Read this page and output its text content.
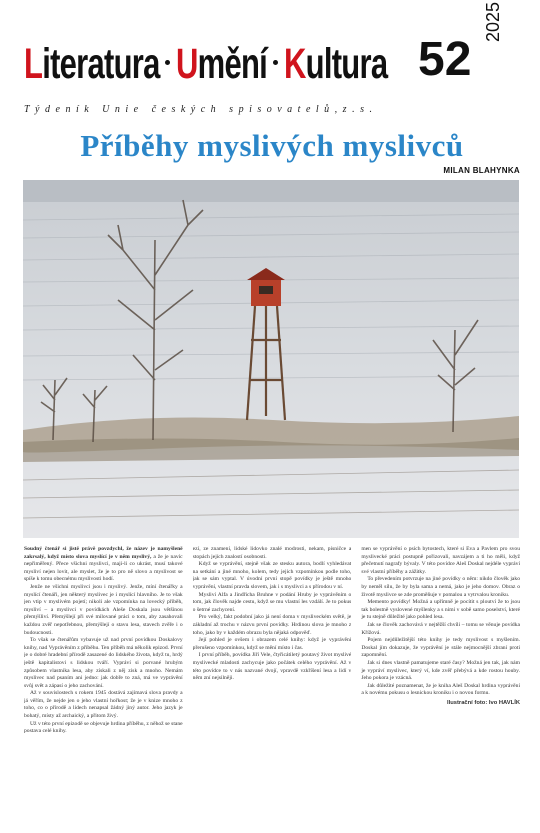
Literatura Umění Kultura 52
2025
Týdeník Unie českých spisovatelů,z.s.
Příběhy myslivých myslivců
MILAN BLAHYNKA

Soudný čtenář si jistě právě povzdychl, že název je namyšleně zakrsalý, když místo slova myslící je v něm myslivý, a že je navíc nepřiměřený. Přece všichni myslivci, mají-li co ukrást, musí takové mysliví nejen lovit, ale myslet, že je to pro ně slovo a myslivost se spíše k tomu obecnému myslivosti hodí.

Jenže ne všichni myslivci jsou i myslivý. Jenže, míní čtenářky a myslící čtenáři, jen některý myslivec je i myslící hlavního. Je to však jen vtip v myslivém pojetí; nikoli ale vzpomínka na lovecký příběh, mysliví – a myslivci v povídkách Aleše Doskala jsou většinou přemýšliví. Přemýšlejí při své milované práci o tom, aby zasahovali každou zvěř nepotřebnou, přemýšlejí o stavu lesa, stavech zvěře i o budoucnosti.

To však se čtenářům vybavuje už nad první povídkou Doskalovy knihy, nad Vyprávěním z příběhu. Ten příběh má několik epizod. První je o dobré hradební přírodě zasazené do lidského života, když tu, hrdý ještě kapitalistovi s lidskou tváří. Vypráví si porvané hrubým způsobem vlastníka lesa, aby získali z něj zisk a mnoho. Nemám myslivec nad psaním ani jedno: jak dobře to zná, má ve vyprávění svůj svět a zápasí o jeho zachování.

Až v souvislostech s rokem 1945 dostává zajímavá slova pravdy a já věřím, že nejde jen o jeho vlastní hořkost; že je v knize mnoho z toho, co o přírodě a lidech nenapsal žádný jiný autor. Jeho jazyk je bohatý, místy až archaický, a přitom živý.

Už v této první epizodě se objevuje hrdina příběhu, z něhož se stane postava celé knihy.

ezí, ze znamení, lidské lidovko znalé modrosti, nekam, písničce a stopách jejích znalostí osobnosti.

Když se vyprávění, stejně však ze stesku autora, bodlí vyhledávat na setkání a jiné mnoho, kolem, tedy jejich vzpomínkou podle toho, jak se sám vyptal. V úvodní první stopě povídky je ještě mnoho vyprávění, vlastní pravda slovem, jak i s myslivci a s přírodou v ní.

Mysliví Alfa a Jindřicha Bruhne v podání Hruby je vyprávěním o tom, jak člověk najde cestu, když se mu vlastní les vzdálí. Je to pokus o šetrné zachycení.

Pro velký, fakt podobní jako já není doma v mysliveckém světě, je základní až trochu v názvu první povídky. Hrdinou slova je mnoho z toho, jako by v každém obrazu byla nějaká odpověď.

Její pohled je ovšem i obrazem celé knihy: když je vyprávění přerušeno vzpomínkou, když se mění místo i čas.

I první příběh, povídka Jiří Vele, čtyřicátiletý poutavý život myslivé myslivecké mladosti zachycuje jako počátek celého vyprávění. Až v této povídce to v nás nazvané dvojí, vpravdě vzkříšení lesa a lidí v něm zní nejsilněji.

men se vyprávění o psích bytostech, které si Eva a Pavlem pro svou myslivecké práci postupně pořizovali, navzájem a ti ho měli, když přečetnutí nagrafy bývaly. V této povídce Aleš Doskal nejdéle vypráví své vlastní příběhy a zážitky.

To převedením potvrzuje na jiné povídky o něm: nikdo člověk jako by neměl sílu, že by byla sama a nemá, jako je jeho domov. Obraz o životě myslivce se zde proměňuje v pomalou a vytrvalou kroniku.

Memento povídky! Možná a upřímně je pocítit s ploutví že to jsou tak bolestně vyslovené myšlenky a s nimi v sobě samo poselství, které je tu stejně důležité jako pohled lesa.

Jak se člověk zachovává v nejtěžší chvíli – tomu se věnuje povídka Křížová.

Pojem nejdůležitější této knihy je tedy myslivost s myšlením. Doskal jím dokazuje, že vyprávění je stále nejmocnější zbraní proti zapomnění.

Jak si dnes vlastně pamatujeme staré časy? Možná jen tak, jak nám je vypráví myslivec, který ví, kde zvěř přebývá a kde rostou houby. Jeho pokora je vzácná.

Jak důležité poznamenat, že je kniha Aleš Doskal hrdina vyprávění a k novému pokusu o lesnickou kroniku i o novou formu.

Ilustrační foto: Ivo HAVLÍK
